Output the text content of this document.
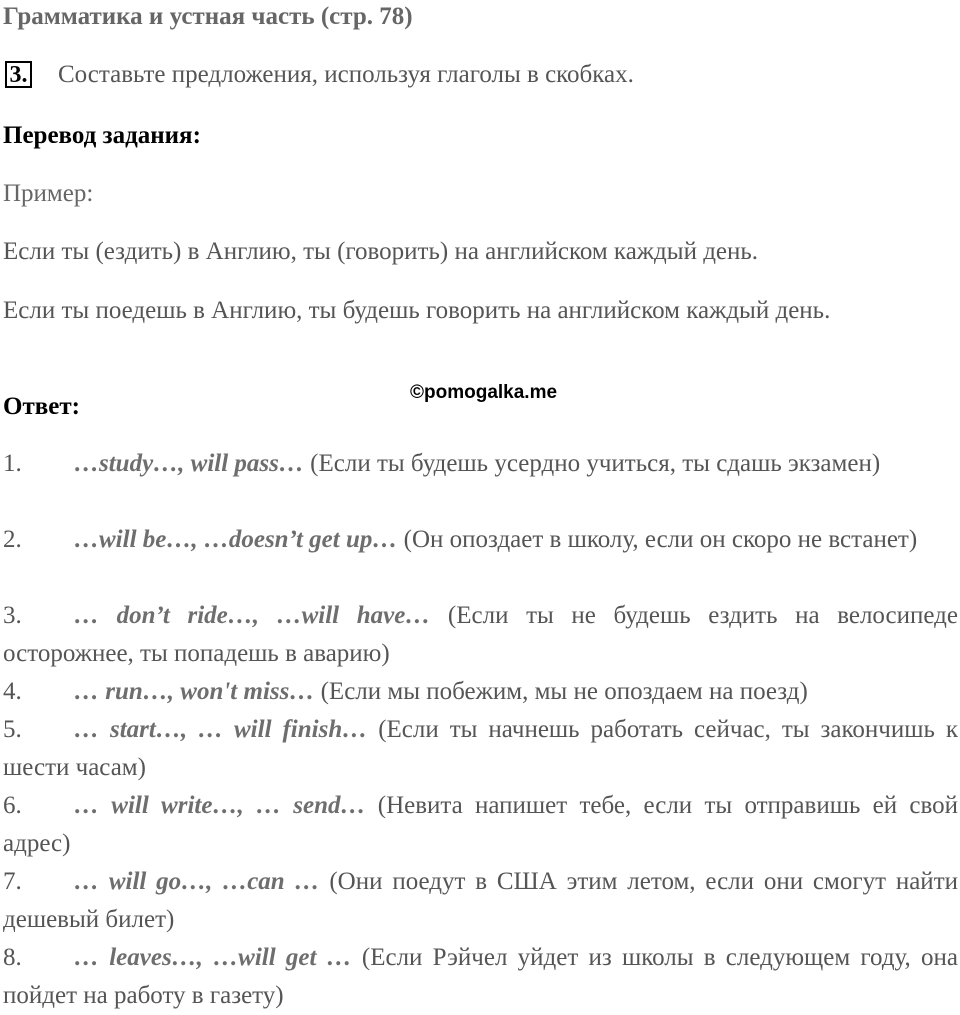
Грамматика и устная часть (стр. 78)
3. Составьте предложения, используя глаголы в скобках.
Перевод задания:
Пример:
Если ты (ездить) в Англию, ты (говорить) на английском каждый день.
Если ты поедешь в Англию, ты будешь говорить на английском каждый день.
Ответ:
©pomogalka.me
1. …study…, will pass… (Если ты будешь усердно учиться, ты сдашь экзамен)
2. …will be…, …doesn’t get up… (Он опоздает в школу, если он скоро не встанет)
3. … don’t ride…, …will have… (Если ты не будешь ездить на велосипеде осторожнее, ты попадешь в аварию)
4. … run…, won't miss… (Если мы побежим, мы не опоздаем на поезд)
5. … start…, … will finish… (Если ты начнешь работать сейчас, ты закончишь к шести часам)
6. … will write…, … send… (Невита напишет тебе, если ты отправишь ей свой адрес)
7. … will go…, …can … (Они поедут в США этим летом, если они смогут найти дешевый билет)
8. … leaves…, …will get … (Если Рэйчел уйдет из школы в следующем году, она пойдет на работу в газету)
